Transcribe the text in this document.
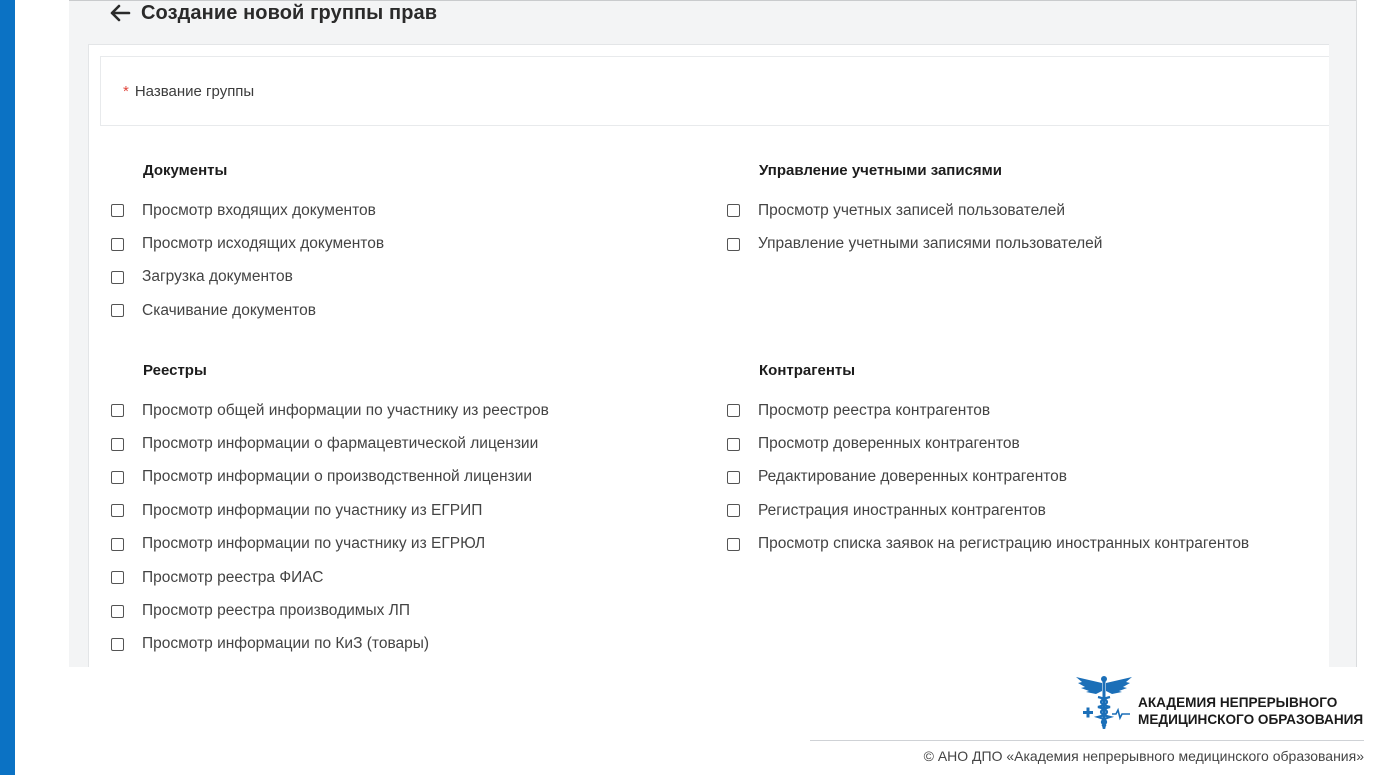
Создание новой группы прав
* Название группы
Документы
Просмотр входящих документов
Просмотр исходящих документов
Загрузка документов
Скачивание документов
Управление учетными записями
Просмотр учетных записей пользователей
Управление учетными записями пользователей
Реестры
Просмотр общей информации по участнику из реестров
Просмотр информации о фармацевтической лицензии
Просмотр информации о производственной лицензии
Просмотр информации по участнику из ЕГРИП
Просмотр информации по участнику из ЕГРЮЛ
Просмотр реестра ФИАС
Просмотр реестра производимых ЛП
Просмотр информации по КиЗ (товары)
Контрагенты
Просмотр реестра контрагентов
Просмотр доверенных контрагентов
Редактирование доверенных контрагентов
Регистрация иностранных контрагентов
Просмотр списка заявок на регистрацию иностранных контрагентов
АКАДЕМИЯ НЕПРЕРЫВНОГО
МЕДИЦИНСКОГО ОБРАЗОВАНИЯ
© АНО ДПО «Академия непрерывного медицинского образования»
